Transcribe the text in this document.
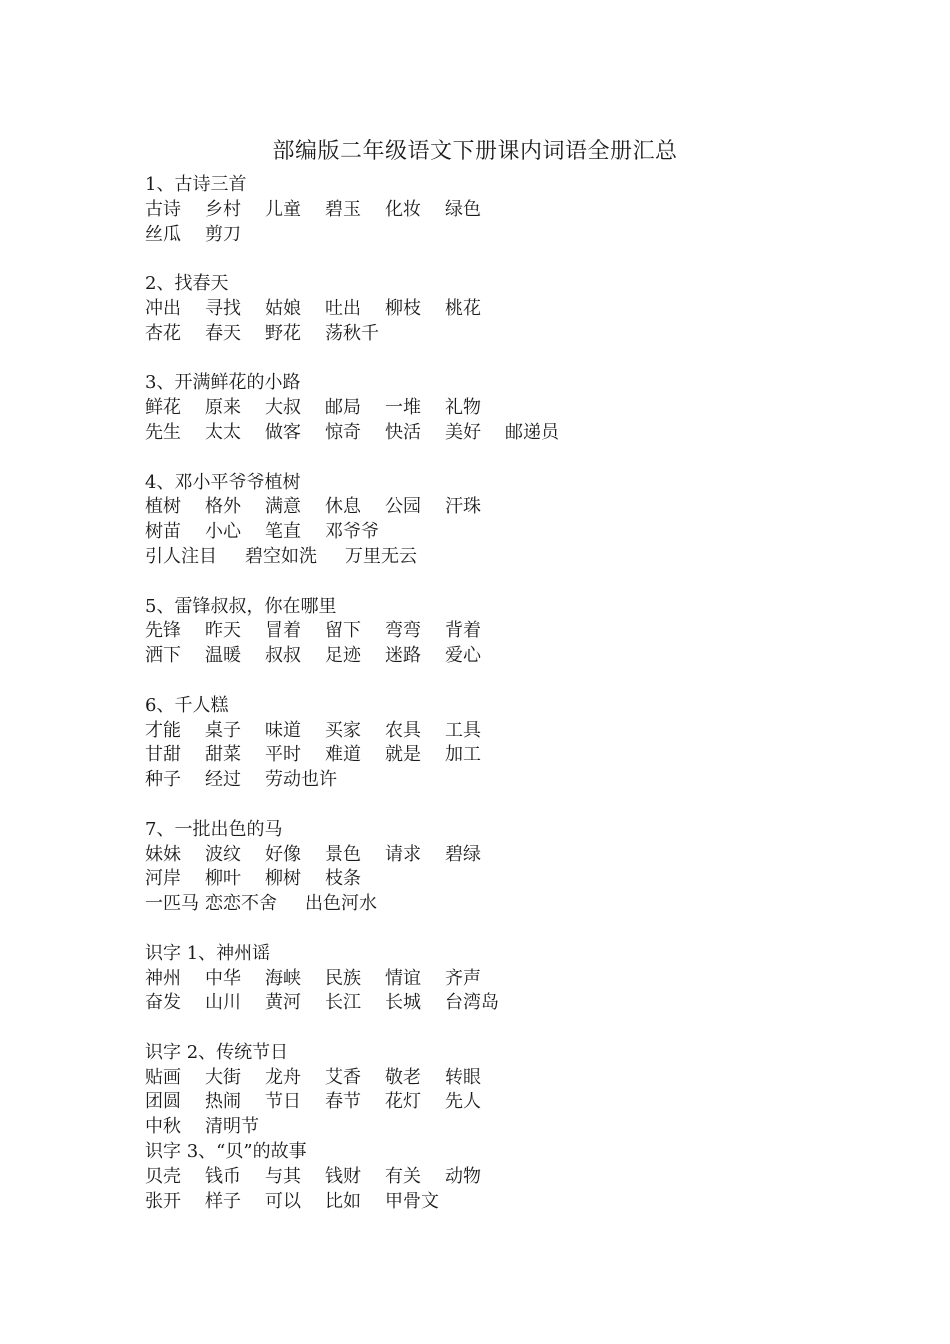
部编版二年级语文下册课内词语全册汇总
1、古诗三首
古诗 乡村 儿童 碧玉 化妆 绿色
丝瓜 剪刀
2、找春天
冲出 寻找 姑娘 吐出 柳枝 桃花
杏花 春天 野花 荡秋千
3、开满鲜花的小路
鲜花 原来 大叔 邮局 一堆 礼物
先生 太太 做客 惊奇 快活 美好 邮递员
4、邓小平爷爷植树
植树 格外 满意 休息 公园 汗珠
树苗 小心 笔直 邓爷爷
引人注目 碧空如洗 万里无云
5、雷锋叔叔，你在哪里
先锋 昨天 冒着 留下 弯弯 背着
洒下 温暖 叔叔 足迹 迷路 爱心
6、千人糕
才能 桌子 味道 买家 农具 工具
甘甜 甜菜 平时 难道 就是 加工
种子 经过 劳动也许
7、一批出色的马
妹妹 波纹 好像 景色 请求 碧绿
河岸 柳叶 柳树 枝条
一匹马 恋恋不舍 出色河水
识字 1、神州谣
神州 中华 海峡 民族 情谊 齐声
奋发 山川 黄河 长江 长城 台湾岛
识字 2、传统节日
贴画 大街 龙舟 艾香 敬老 转眼
团圆 热闹 节日 春节 花灯 先人
中秋 清明节
识字 3、“贝”的故事
贝壳 钱币 与其 钱财 有关 动物
张开 样子 可以 比如 甲骨文
